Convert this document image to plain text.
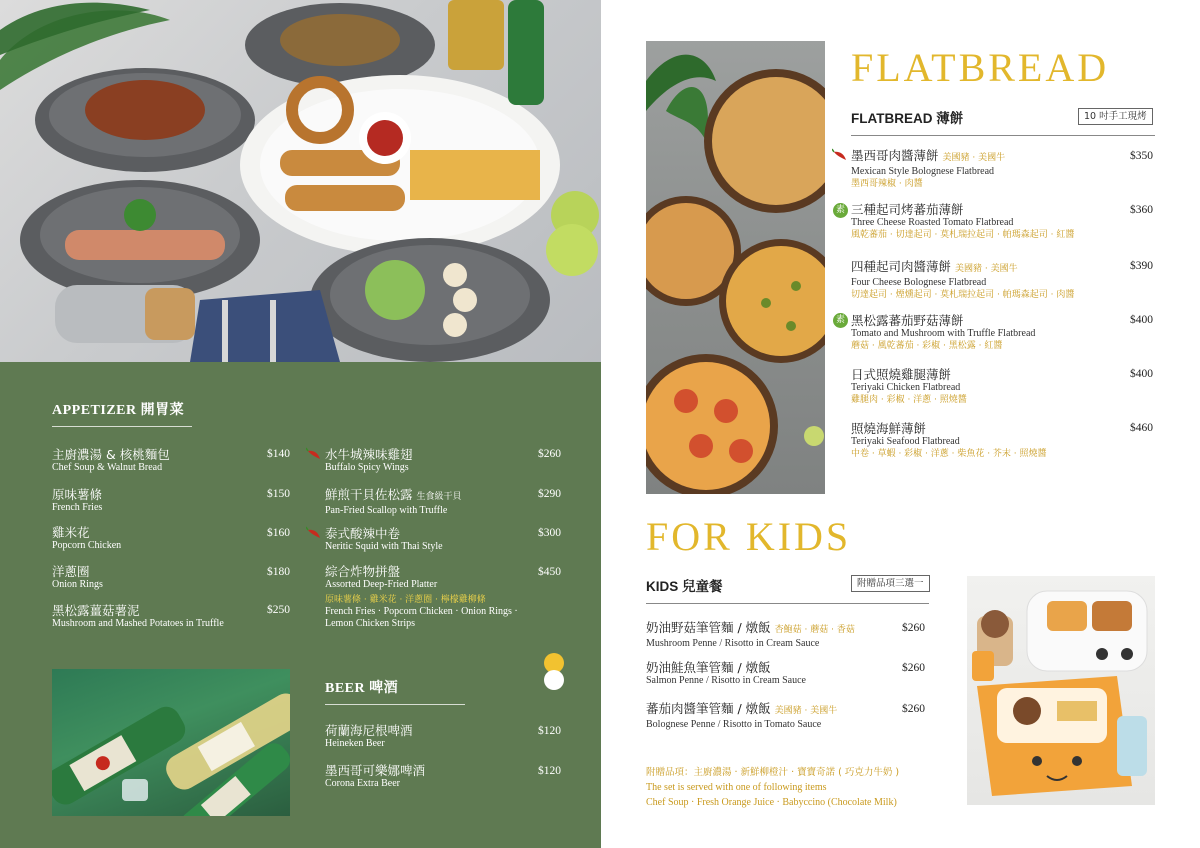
APPETIZER 開胃菜
主廚濃湯 & 核桃麵包
Chef Soup & Walnut Bread
$140
原味薯條
French Fries
$150
雞米花
Popcorn Chicken
$160
洋蔥圈
Onion Rings
$180
黑松露薑菇薯泥
Mushroom and Mashed Potatoes in Truffle
$250
水牛城辣味雞翅
Buffalo Spicy Wings
$260
鮮煎干貝佐松露 生食級干貝
Pan-Fried Scallop with Truffle
$290
泰式酸辣中卷
Neritic Squid with Thai Style
$300
綜合炸物拼盤
Assorted Deep-Fried Platter
原味薯條 · 雞米花 · 洋蔥圈 · 檸檬雞柳條
French Fries · Popcorn Chicken · Onion Rings ·
Lemon Chicken Strips
$450
BEER 啤酒
荷蘭海尼根啤酒
Heineken Beer
$120
墨西哥可樂娜啤酒
Corona Extra Beer
$120
FLATBREAD
FLATBREAD 薄餅	10 吋手工現烤
墨西哥肉醬薄餅 美國豬 · 美國牛
Mexican Style Bolognese Flatbread
墨西哥辣椒 · 肉醬
$350
素 三種起司烤蕃茄薄餅
Three Cheese Roasted Tomato Flatbread
風乾蕃茄 · 切達起司 · 莫札瑞拉起司 · 帕瑪森起司 · 紅醬
$360
四種起司肉醬薄餅 美國豬 · 美國牛
Four Cheese Bolognese Flatbread
切達起司 · 煙燻起司 · 莫札瑞拉起司 · 帕瑪森起司 · 肉醬
$390
素 黑松露蕃茄野菇薄餅
Tomato and Mushroom with Truffle Flatbread
蘑菇 · 風乾蕃茄 · 彩椒 · 黑松露 · 紅醬
$400
日式照燒雞腿薄餅
Teriyaki Chicken Flatbread
雞腿肉 · 彩椒 · 洋蔥 · 照燒醬
$400
照燒海鮮薄餅
Teriyaki Seafood Flatbread
中卷 · 草蝦 · 彩椒 · 洋蔥 · 柴魚花 · 芥末 · 照燒醬
$460
FOR KIDS
KIDS 兒童餐	附贈品項三選一
奶油野菇筆管麵 / 燉飯 杏鮑菇 · 蘑菇 · 香菇
Mushroom Penne / Risotto in Cream Sauce
$260
奶油鮭魚筆管麵 / 燉飯
Salmon Penne / Risotto in Cream Sauce
$260
蕃茄肉醬筆管麵 / 燉飯 美國豬 · 美國牛
Bolognese Penne / Risotto in Tomato Sauce
$260
附贈品項：主廚濃湯 · 新鮮柳橙汁 · 寶寶奇諾 ( 巧克力牛奶 )
The set is served with one of following items
Chef Soup · Fresh Orange Juice · Babyccino (Chocolate Milk)
